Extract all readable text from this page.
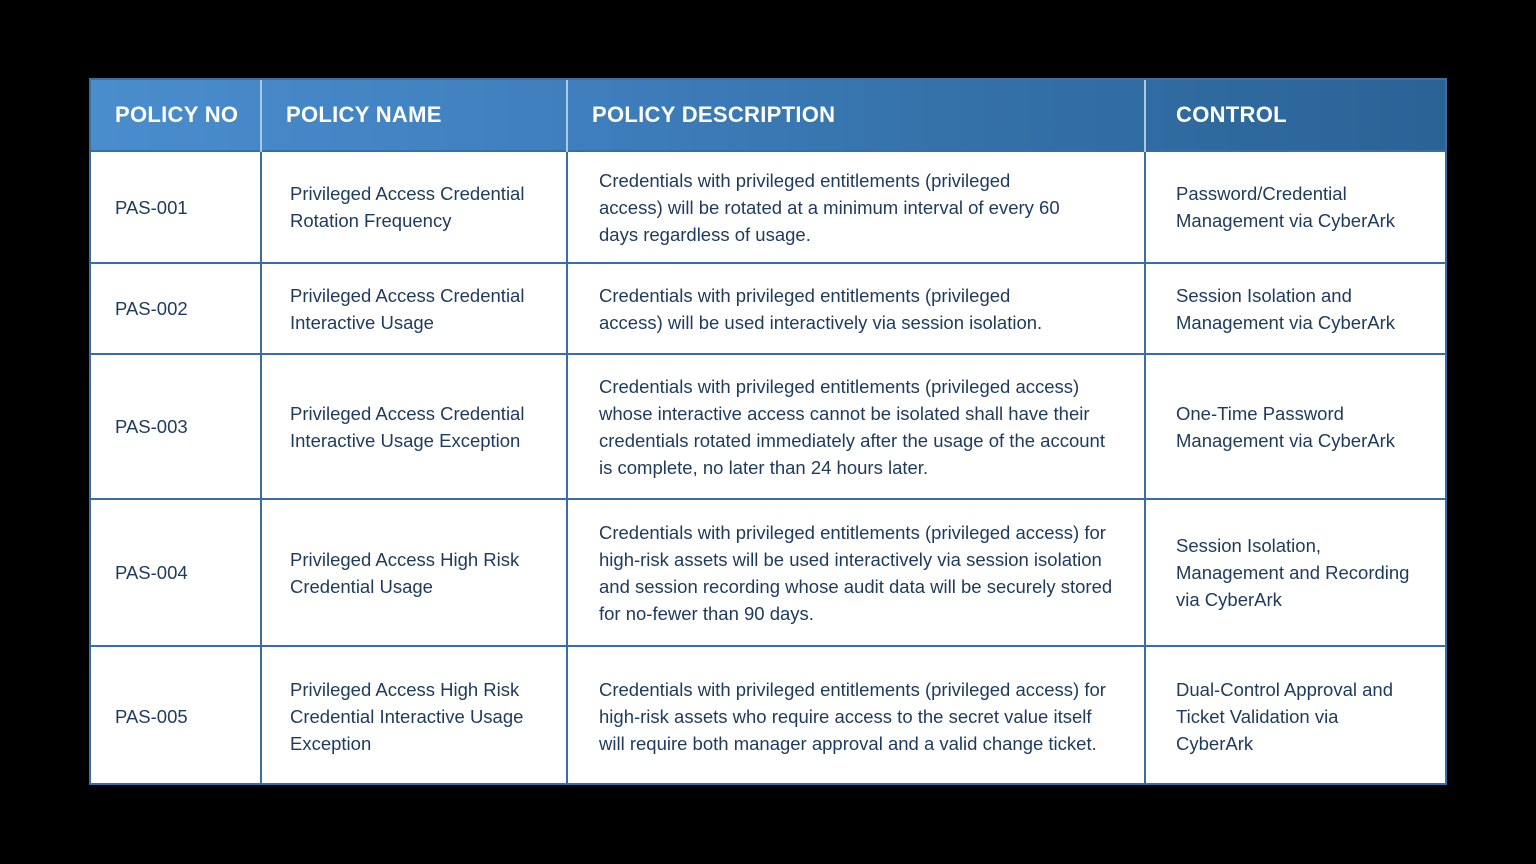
POLICY NO	POLICY NAME	POLICY DESCRIPTION	CONTROL
PAS-001	Privileged Access Credential Rotation Frequency	Credentials with privileged entitlements (privileged access) will be rotated at a minimum interval of every 60 days regardless of usage.	Password/Credential Management via CyberArk
PAS-002	Privileged Access Credential Interactive Usage	Credentials with privileged entitlements (privileged access) will be used interactively via session isolation.	Session Isolation and Management via CyberArk
PAS-003	Privileged Access Credential Interactive Usage Exception	Credentials with privileged entitlements (privileged access) whose interactive access cannot be isolated shall have their credentials rotated immediately after the usage of the account is complete, no later than 24 hours later.	One-Time Password Management via CyberArk
PAS-004	Privileged Access High Risk Credential Usage	Credentials with privileged entitlements (privileged access) for high-risk assets will be used interactively via session isolation and session recording whose audit data will be securely stored for no-fewer than 90 days.	Session Isolation, Management and Recording via CyberArk
PAS-005	Privileged Access High Risk Credential Interactive Usage Exception	Credentials with privileged entitlements (privileged access) for high-risk assets who require access to the secret value itself will require both manager approval and a valid change ticket.	Dual-Control Approval and Ticket Validation via CyberArk
